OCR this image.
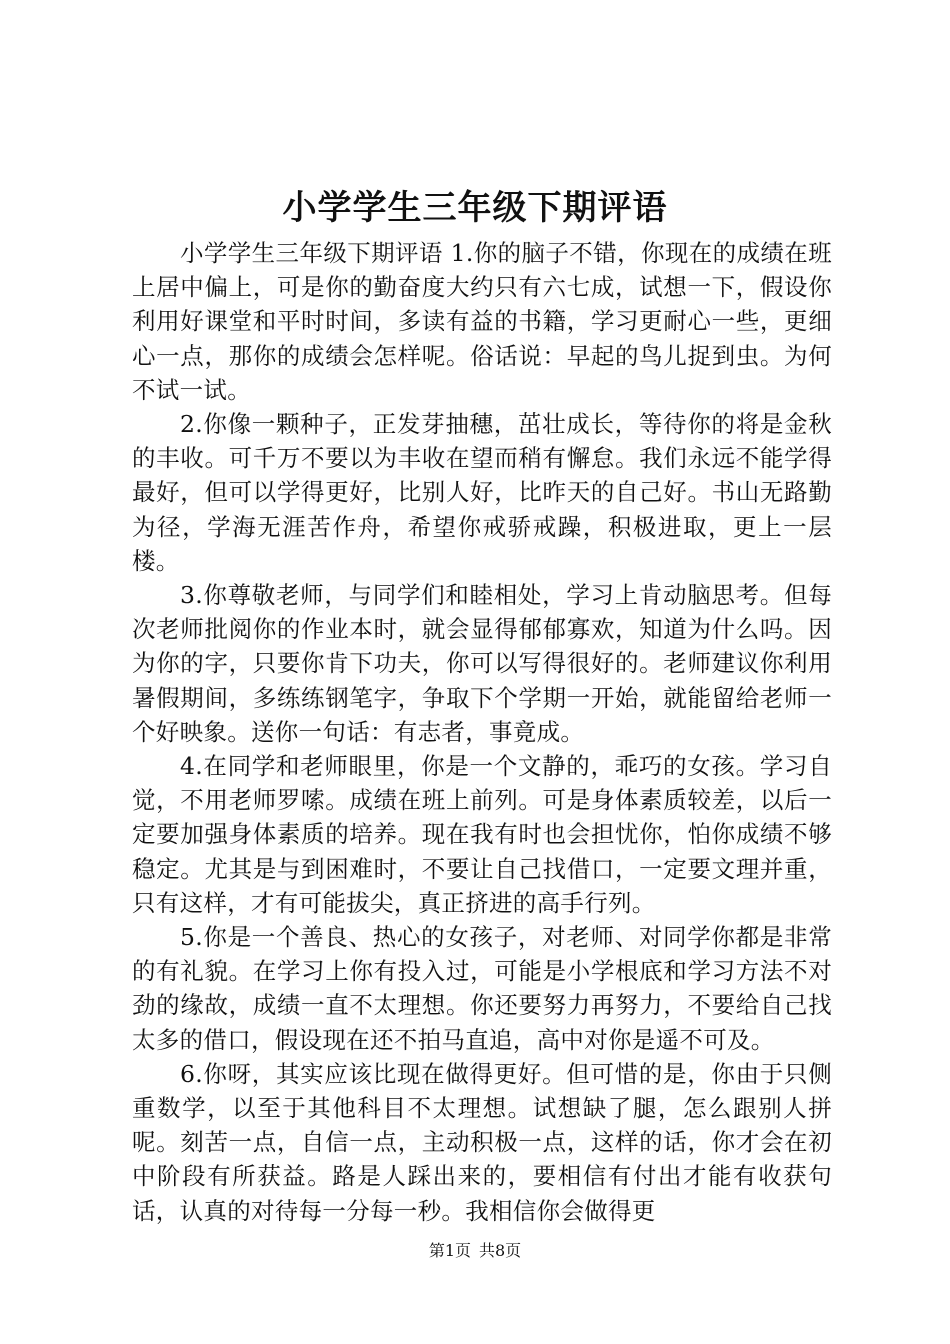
小学学生三年级下期评语

小学学生三年级下期评语 1.你的脑子不错，你现在的成绩在班上居中偏上，可是你的勤奋度大约只有六七成，试想一下，假设你利用好课堂和平时时间，多读有益的书籍，学习更耐心一些，更细心一点，那你的成绩会怎样呢。俗话说：早起的鸟儿捉到虫。为何不试一试。

2.你像一颗种子，正发芽抽穗，茁壮成长，等待你的将是金秋的丰收。可千万不要以为丰收在望而稍有懈怠。我们永远不能学得最好，但可以学得更好，比别人好，比昨天的自己好。书山无路勤为径，学海无涯苦作舟，希望你戒骄戒躁，积极进取，更上一层楼。

3.你尊敬老师，与同学们和睦相处，学习上肯动脑思考。但每次老师批阅你的作业本时，就会显得郁郁寡欢，知道为什么吗。因为你的字，只要你肯下功夫，你可以写得很好的。老师建议你利用暑假期间，多练练钢笔字，争取下个学期一开始，就能留给老师一个好映象。送你一句话：有志者，事竟成。

4.在同学和老师眼里，你是一个文静的，乖巧的女孩。学习自觉，不用老师罗嗦。成绩在班上前列。可是身体素质较差，以后一定要加强身体素质的培养。现在我有时也会担忧你，怕你成绩不够稳定。尤其是与到困难时，不要让自己找借口，一定要文理并重，只有这样，才有可能拔尖，真正挤进的高手行列。

5.你是一个善良、热心的女孩子，对老师、对同学你都是非常的有礼貌。在学习上你有投入过，可能是小学根底和学习方法不对劲的缘故，成绩一直不太理想。你还要努力再努力，不要给自己找太多的借口，假设现在还不拍马直追，高中对你是遥不可及。

6.你呀，其实应该比现在做得更好。但可惜的是，你由于只侧重数学，以至于其他科目不太理想。试想缺了腿，怎么跟别人拼呢。刻苦一点，自信一点，主动积极一点，这样的话，你才会在初中阶段有所获益。路是人踩出来的，要相信有付出才能有收获句话，认真的对待每一分每一秒。我相信你会做得更

第1页 共8页
